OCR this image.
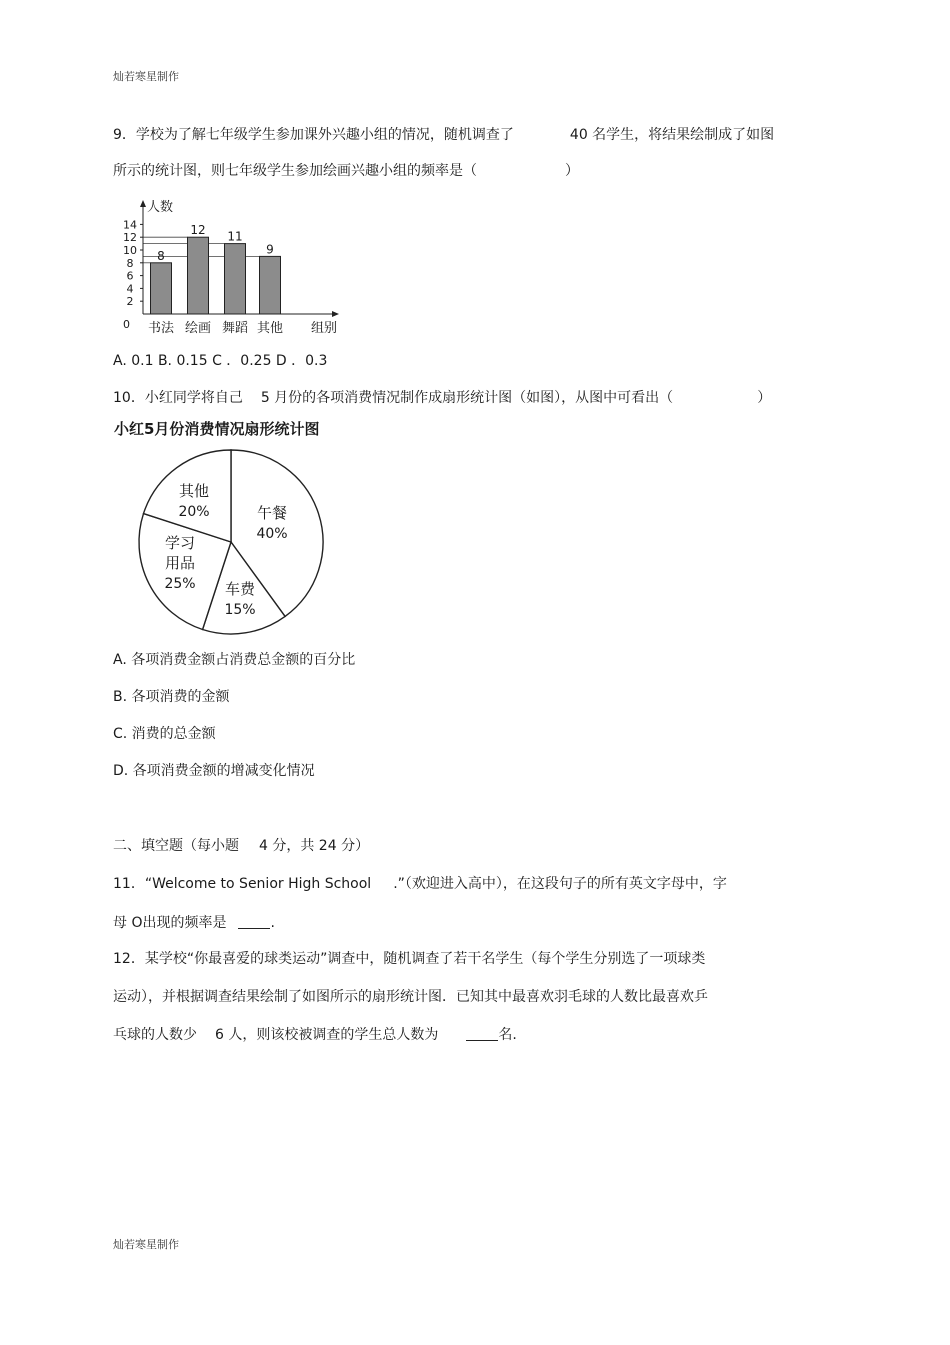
灿若寒星制作
9．学校为了解七年级学生参加课外兴趣小组的情况，随机调查了	40 名学生，将结果绘制成了如图
所示的统计图，则七年级学生参加绘画兴趣小组的频率是（	）
2
4
6
8
10
12
14
8
12 11
9
人数
组别
0 书法 绘画 舞蹈 其他
A. 0.1 B. 0.15 C ．0.25 D ．0.3
10．小红同学将自己 5 月份的各项消费情况制作成扇形统计图（如图），从图中可看出（	）
小红5月份消费情况扇形统计图
午餐
40%
车费
15%
学习
用品
25%
其他
20%
A. 各项消费金额占消费总金额的百分比
B. 各项消费的金额
C. 消费的总金额
D. 各项消费金额的增减变化情况
二、填空题（每小题 4 分，共 24 分）
11．“Welcome to Senior High School .”（欢迎进入高中），在这段句子的所有英文字母中，字
母 O出现的频率是	.
12．某学校“你最喜爱的球类运动”调查中，随机调查了若干名学生（每个学生分别选了一项球类
运动），并根据调查结果绘制了如图所示的扇形统计图．已知其中最喜欢羽毛球的人数比最喜欢乒
乓球的人数少 6 人，则该校被调查的学生总人数为	名.
灿若寒星制作
